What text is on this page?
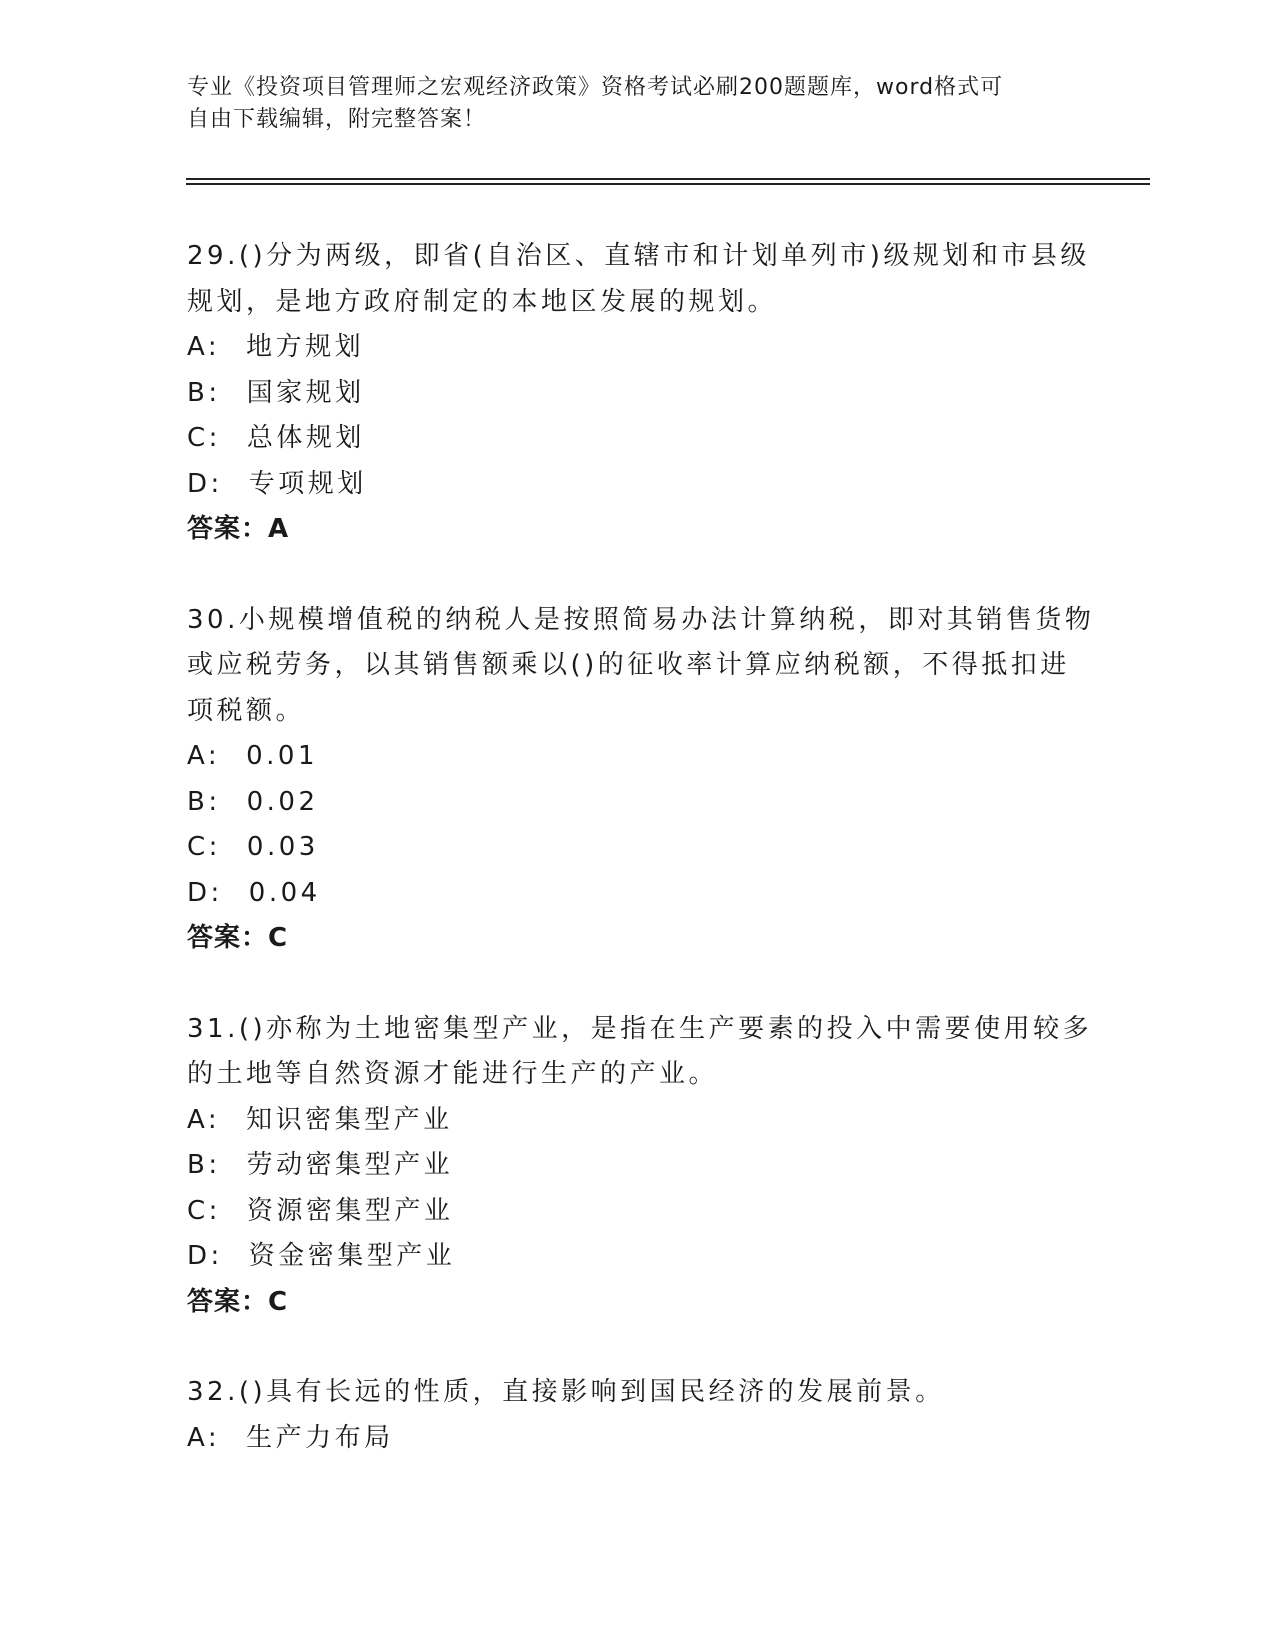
专业《投资项目管理师之宏观经济政策》资格考试必刷200题题库，word格式可
自由下载编辑，附完整答案！
29.()分为两级，即省(自治区、直辖市和计划单列市)级规划和市县级
规划，是地方政府制定的本地区发展的规划。
A: 地方规划
B: 国家规划
C: 总体规划
D: 专项规划
答案：A
30.小规模增值税的纳税人是按照简易办法计算纳税，即对其销售货物
或应税劳务，以其销售额乘以()的征收率计算应纳税额，不得抵扣进
项税额。
A: 0.01
B: 0.02
C: 0.03
D: 0.04
答案：C
31.()亦称为土地密集型产业，是指在生产要素的投入中需要使用较多
的土地等自然资源才能进行生产的产业。
A: 知识密集型产业
B: 劳动密集型产业
C: 资源密集型产业
D: 资金密集型产业
答案：C
32.()具有长远的性质，直接影响到国民经济的发展前景。
A: 生产力布局
